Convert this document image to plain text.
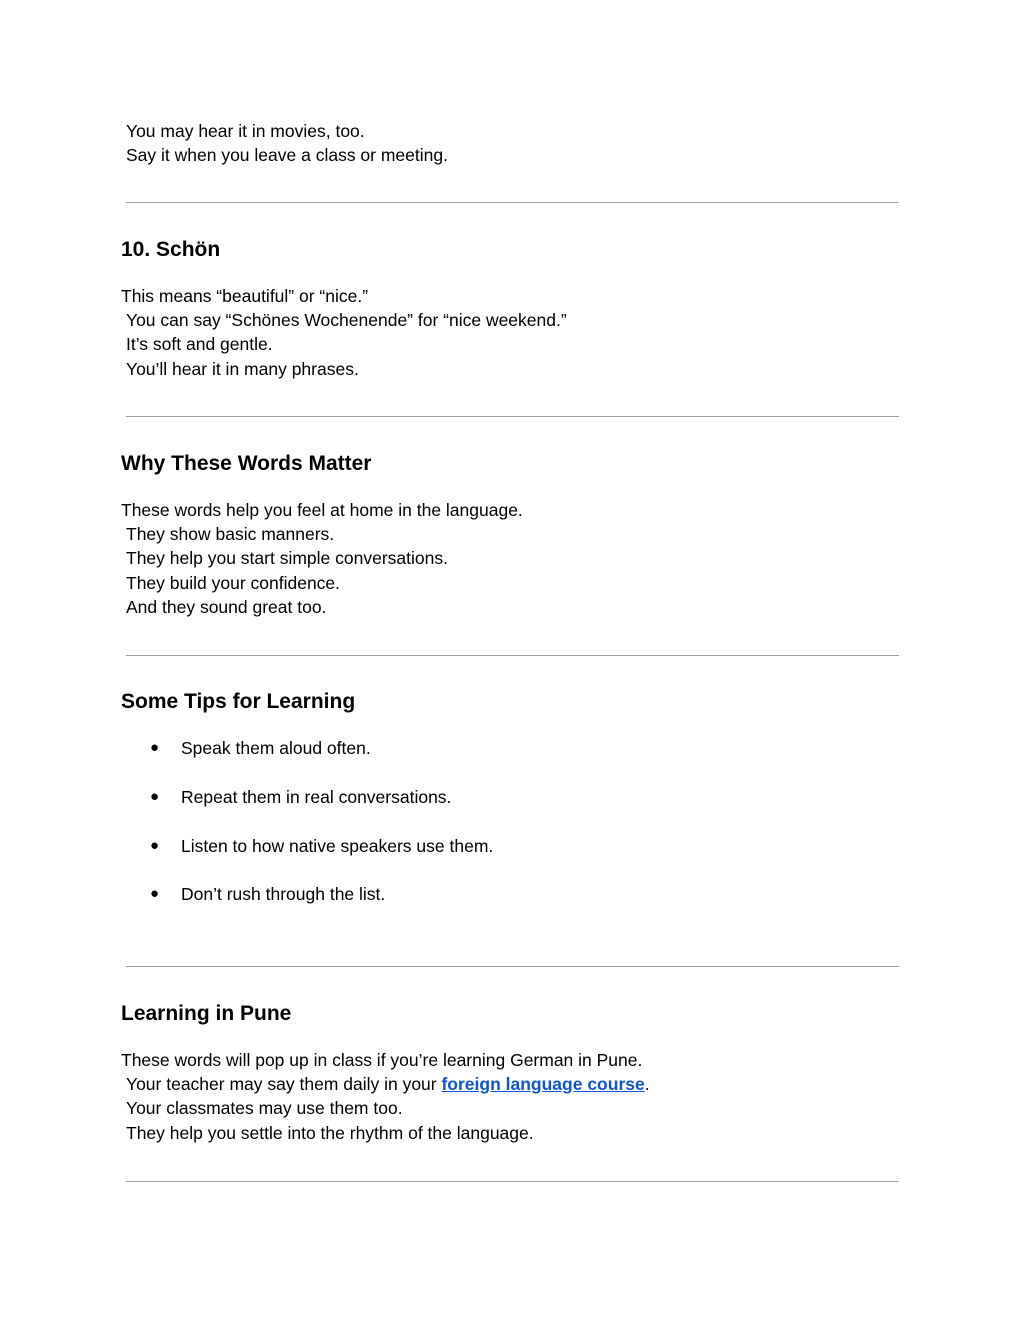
You may hear it in movies, too.
Say it when you leave a class or meeting.
10. Schön
This means “beautiful” or “nice.”
You can say “Schönes Wochenende” for “nice weekend.”
It’s soft and gentle.
You’ll hear it in many phrases.
Why These Words Matter
These words help you feel at home in the language.
They show basic manners.
They help you start simple conversations.
They build your confidence.
And they sound great too.
Some Tips for Learning
● Speak them aloud often.
● Repeat them in real conversations.
● Listen to how native speakers use them.
● Don’t rush through the list.
Learning in Pune
These words will pop up in class if you’re learning German in Pune.
Your teacher may say them daily in your foreign language course.
Your classmates may use them too.
They help you settle into the rhythm of the language.
